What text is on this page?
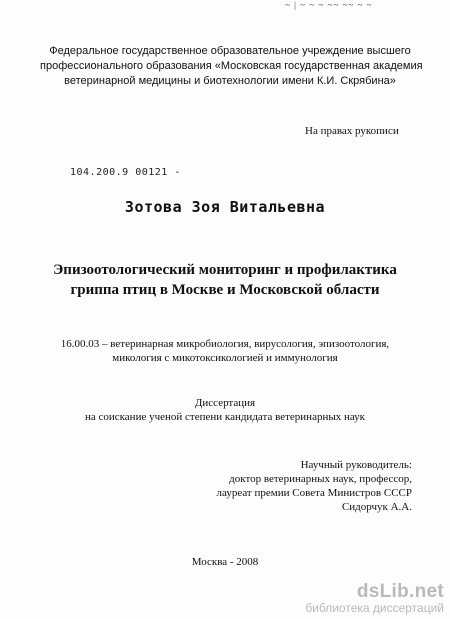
~ | ~ ~ ~ ~~ ~~ ~ ~
Федеральное государственное образовательное учреждение высшего
профессионального образования «Московская государственная академия
ветеринарной медицины и биотехнологии имени К.И. Скрябина»
На правах рукописи
104.200.9 00121 -
Зотова Зоя Витальевна
Эпизоотологический мониторинг и профилактика
гриппа птиц в Москве и Московской области
16.00.03 – ветеринарная микробиология, вирусология, эпизоотология,
микология с микотоксикологией и иммунология
Диссертация
на соискание ученой степени кандидата ветеринарных наук
Научный руководитель:
доктор ветеринарных наук, профессор,
лауреат премии Совета Министров СССР
Сидорчук А.А.
Москва - 2008
dsLib.net
библиотека диссертаций
